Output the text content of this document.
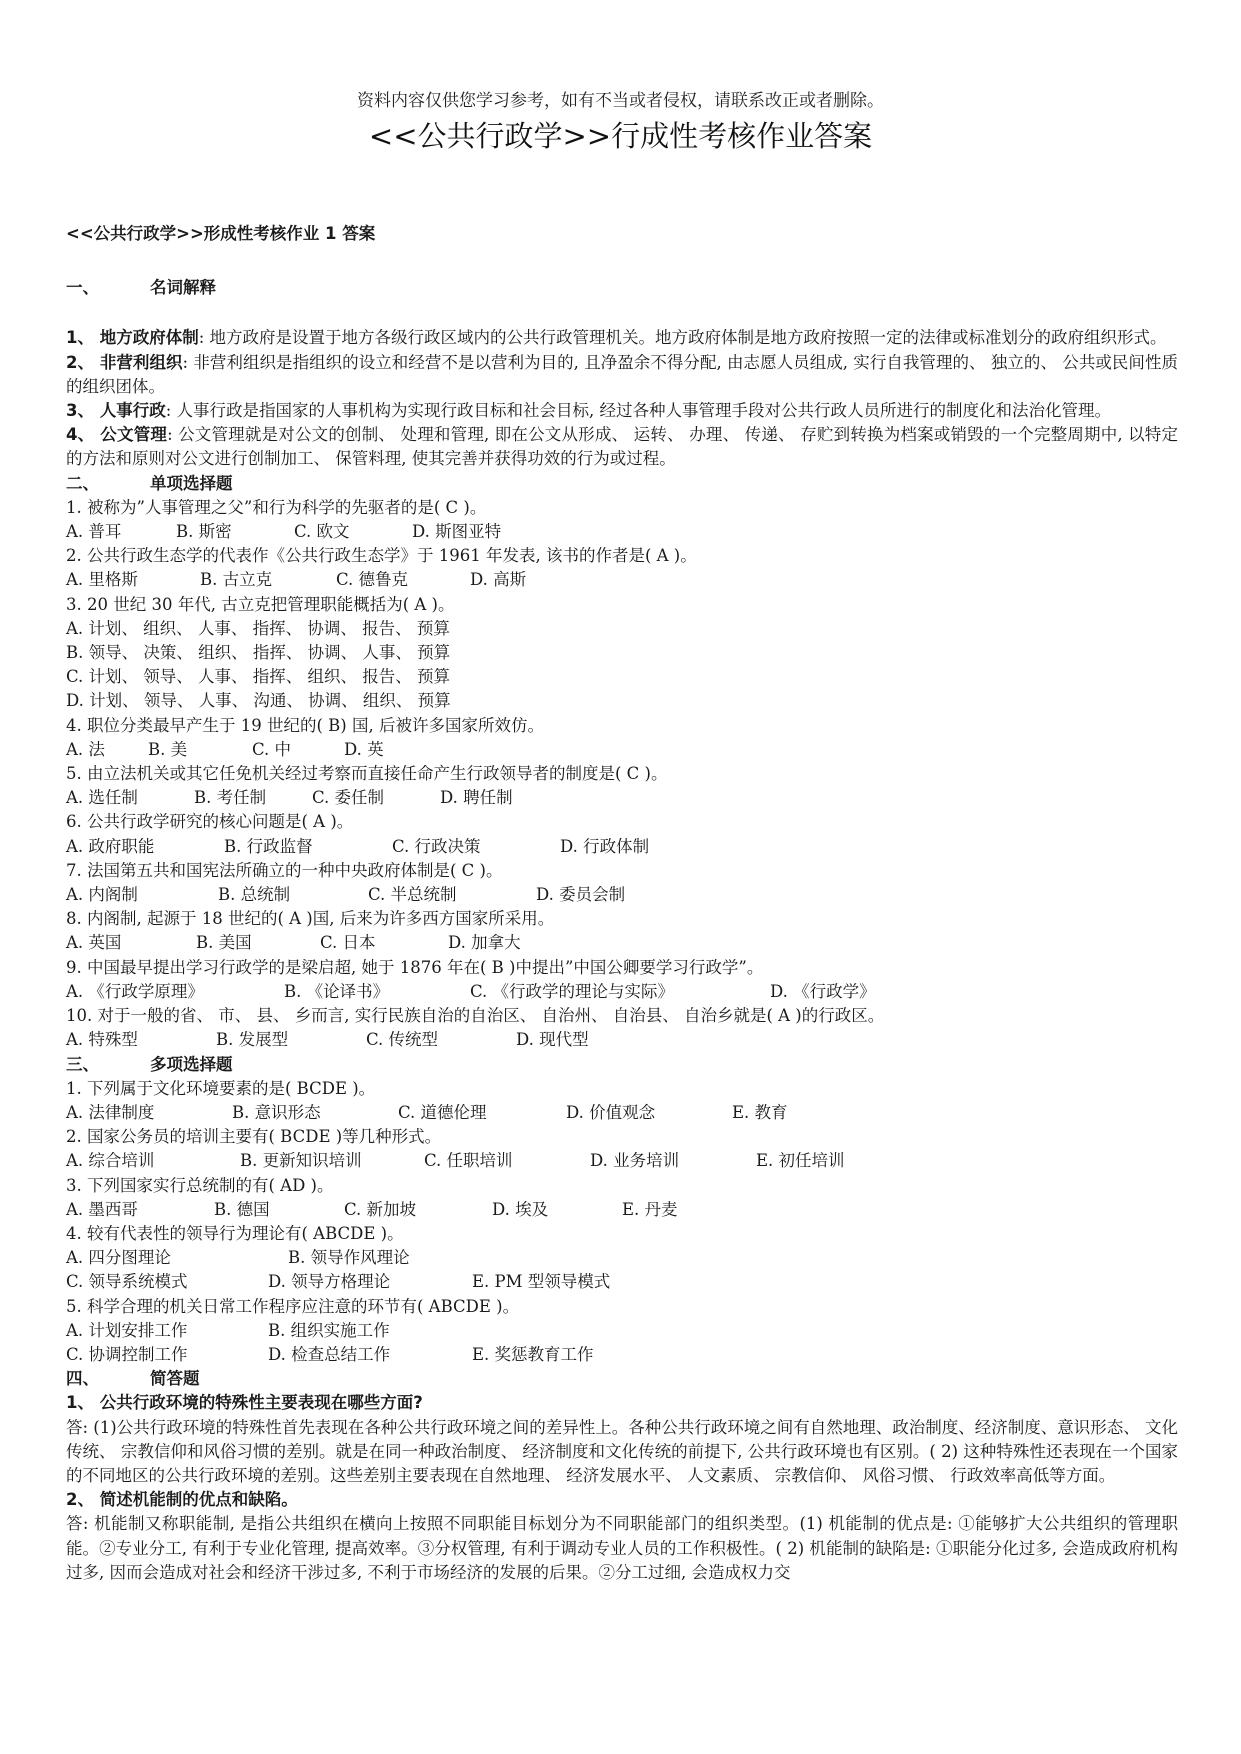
资料内容仅供您学习参考，如有不当或者侵权，请联系改正或者删除。
<<公共行政学>>行成性考核作业答案

<<公共行政学>>形成性考核作业 1 答案

一、	名词解释

1、 地方政府体制: 地方政府是设置于地方各级行政区域内的公共行政管理机关。地方政府体制是地方政府按照一定的法律或标准划分的政府组织形式。

2、 非营利组织: 非营利组织是指组织的设立和经营不是以营利为目的, 且净盈余不得分配, 由志愿人员组成, 实行自我管理的、 独立的、 公共或民间性质的组织团体。

3、 人事行政: 人事行政是指国家的人事机构为实现行政目标和社会目标, 经过各种人事管理手段对公共行政人员所进行的制度化和法治化管理。

4、 公文管理: 公文管理就是对公文的创制、 处理和管理, 即在公文从形成、 运转、 办理、 传递、 存贮到转换为档案或销毁的一个完整周期中, 以特定的方法和原则对公文进行创制加工、 保管料理, 使其完善并获得功效的行为或过程。

二、	单项选择题

1. 被称为”人事管理之父”和行为科学的先驱者的是( C )。

A. 普耳	B. 斯密	C. 欧文	D. 斯图亚特

2. 公共行政生态学的代表作《公共行政生态学》于 1961 年发表, 该书的作者是( A )。

A. 里格斯	B. 古立克	C. 德鲁克	D. 高斯

3. 20 世纪 30 年代, 古立克把管理职能概括为( A )。

A. 计划、 组织、 人事、 指挥、 协调、 报告、 预算

B. 领导、 决策、 组织、 指挥、 协调、 人事、 预算

C. 计划、 领导、 人事、 指挥、 组织、 报告、 预算

D. 计划、 领导、 人事、 沟通、 协调、 组织、 预算

4. 职位分类最早产生于 19 世纪的( B) 国, 后被许多国家所效仿。

A. 法	B. 美	C. 中	D. 英

5. 由立法机关或其它任免机关经过考察而直接任命产生行政领导者的制度是( C )。

A. 选任制	B. 考任制	C. 委任制	D. 聘任制

6. 公共行政学研究的核心问题是( A )。

A. 政府职能	B. 行政监督	C. 行政决策	D. 行政体制

7. 法国第五共和国宪法所确立的一种中央政府体制是( C )。

A. 内阁制	B. 总统制	C. 半总统制	D. 委员会制

8. 内阁制, 起源于 18 世纪的( A )国, 后来为许多西方国家所采用。

A. 英国	B. 美国	C. 日本	D. 加拿大

9. 中国最早提出学习行政学的是梁启超, 她于 1876 年在( B )中提出”中国公卿要学习行政学”。

A. 《行政学原理》	B. 《论译书》	C. 《行政学的理论与实际》	D. 《行政学》

10. 对于一般的省、 市、 县、 乡而言, 实行民族自治的自治区、 自治州、 自治县、 自治乡就是( A )的行政区。

A. 特殊型	B. 发展型	C. 传统型	D. 现代型

三、	多项选择题

1. 下列属于文化环境要素的是( BCDE )。

A. 法律制度	B. 意识形态	C. 道德伦理	D. 价值观念	E. 教育

2. 国家公务员的培训主要有( BCDE )等几种形式。

A. 综合培训	B. 更新知识培训	C. 任职培训	D. 业务培训	E. 初任培训

3. 下列国家实行总统制的有( AD )。

A. 墨西哥	B. 德国	C. 新加坡	D. 埃及	E. 丹麦

4. 较有代表性的领导行为理论有( ABCDE )。

A. 四分图理论	B. 领导作风理论

C. 领导系统模式	D. 领导方格理论	E. PM 型领导模式

5. 科学合理的机关日常工作程序应注意的环节有( ABCDE )。

A. 计划安排工作	B. 组织实施工作

C. 协调控制工作	D. 检查总结工作	E. 奖惩教育工作

四、	简答题

1、 公共行政环境的特殊性主要表现在哪些方面?

答: (1)公共行政环境的特殊性首先表现在各种公共行政环境之间的差异性上。各种公共行政环境之间有自然地理、政治制度、经济制度、意识形态、 文化传统、 宗教信仰和风俗习惯的差别。就是在同一种政治制度、 经济制度和文化传统的前提下, 公共行政环境也有区别。( 2) 这种特殊性还表现在一个国家的不同地区的公共行政环境的差别。这些差别主要表现在自然地理、 经济发展水平、 人文素质、 宗教信仰、 风俗习惯、 行政效率高低等方面。

2、 简述机能制的优点和缺陷。

答: 机能制又称职能制, 是指公共组织在横向上按照不同职能目标划分为不同职能部门的组织类型。(1) 机能制的优点是: ①能够扩大公共组织的管理职能。②专业分工, 有利于专业化管理, 提高效率。③分权管理, 有利于调动专业人员的工作积极性。( 2) 机能制的缺陷是: ①职能分化过多, 会造成政府机构过多, 因而会造成对社会和经济干涉过多, 不利于市场经济的发展的后果。②分工过细, 会造成权力交
